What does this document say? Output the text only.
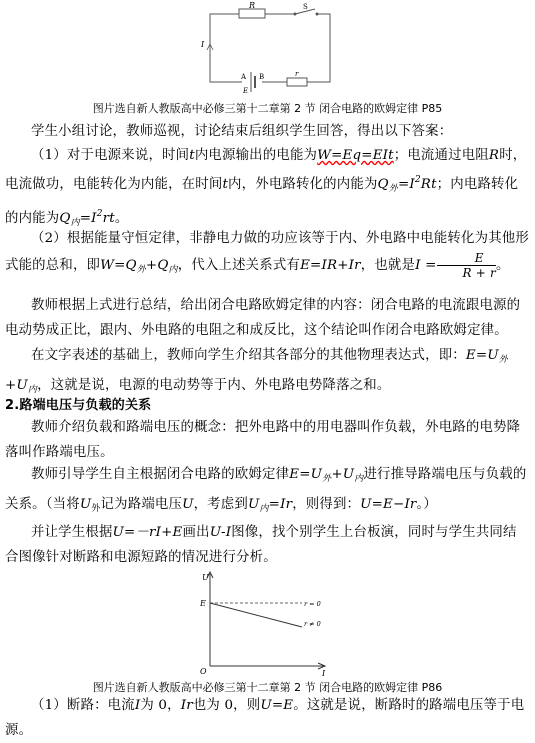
R	S
I
A B	r
E
图片选自新人教版高中必修三第十二章第 2 节 闭合电路的欧姆定律 P85
学生小组讨论，教师巡视，讨论结束后组织学生回答，得出以下答案：
（1）对于电源来说，时间t内电源输出的电能为W=Eq=EIt；电流通过电阻R时，电流做功，电能转化为内能，在时间t内，外电路转化的内能为$Q_外=I^2Rt$；内电路转化的内能为$Q_内=I^2rt$。
（2）根据能量守恒定律，非静电力做的功应该等于内、外电路中电能转化为其他形式能的总和，即$W=Q_外+Q_内$，代入上述关系式有E=IR+Ir，也就是$I = \frac{E}{R + r}$ 。
教师根据上式进行总结，给出闭合电路欧姆定律的内容：闭合电路的电流跟电源的电动势成正比，跟内、外电路的电阻之和成反比，这个结论叫作闭合电路欧姆定律。
在文字表述的基础上，教师向学生介绍其各部分的其他物理表达式，即：$E=U_外+U_内$，这就是说，电源的电动势等于内、外电路电势降落之和。
2.路端电压与负载的关系
教师介绍负载和路端电压的概念：把外电路中的用电器叫作负载，外电路的电势降落叫作路端电压。
教师引导学生自主根据闭合电路的欧姆定律$E=U_外+U_内$进行推导路端电压与负载的关系。（当将$U_外$记为路端电压U，考虑到$U_内=Ir$，则得到：U=E−Ir。）
并让学生根据U=－rI+E画出U-I图像，找个别学生上台板演，同时与学生共同结合图像针对断路和电源短路的情况进行分析。
U
I
O
E	r = 0
r ≠ 0
图片选自新人教版高中必修三第十二章第 2 节 闭合电路的欧姆定律 P86
（1）断路：电流I为 0，Ir也为 0，则U=E。这就是说，断路时的路端电压等于电源。
